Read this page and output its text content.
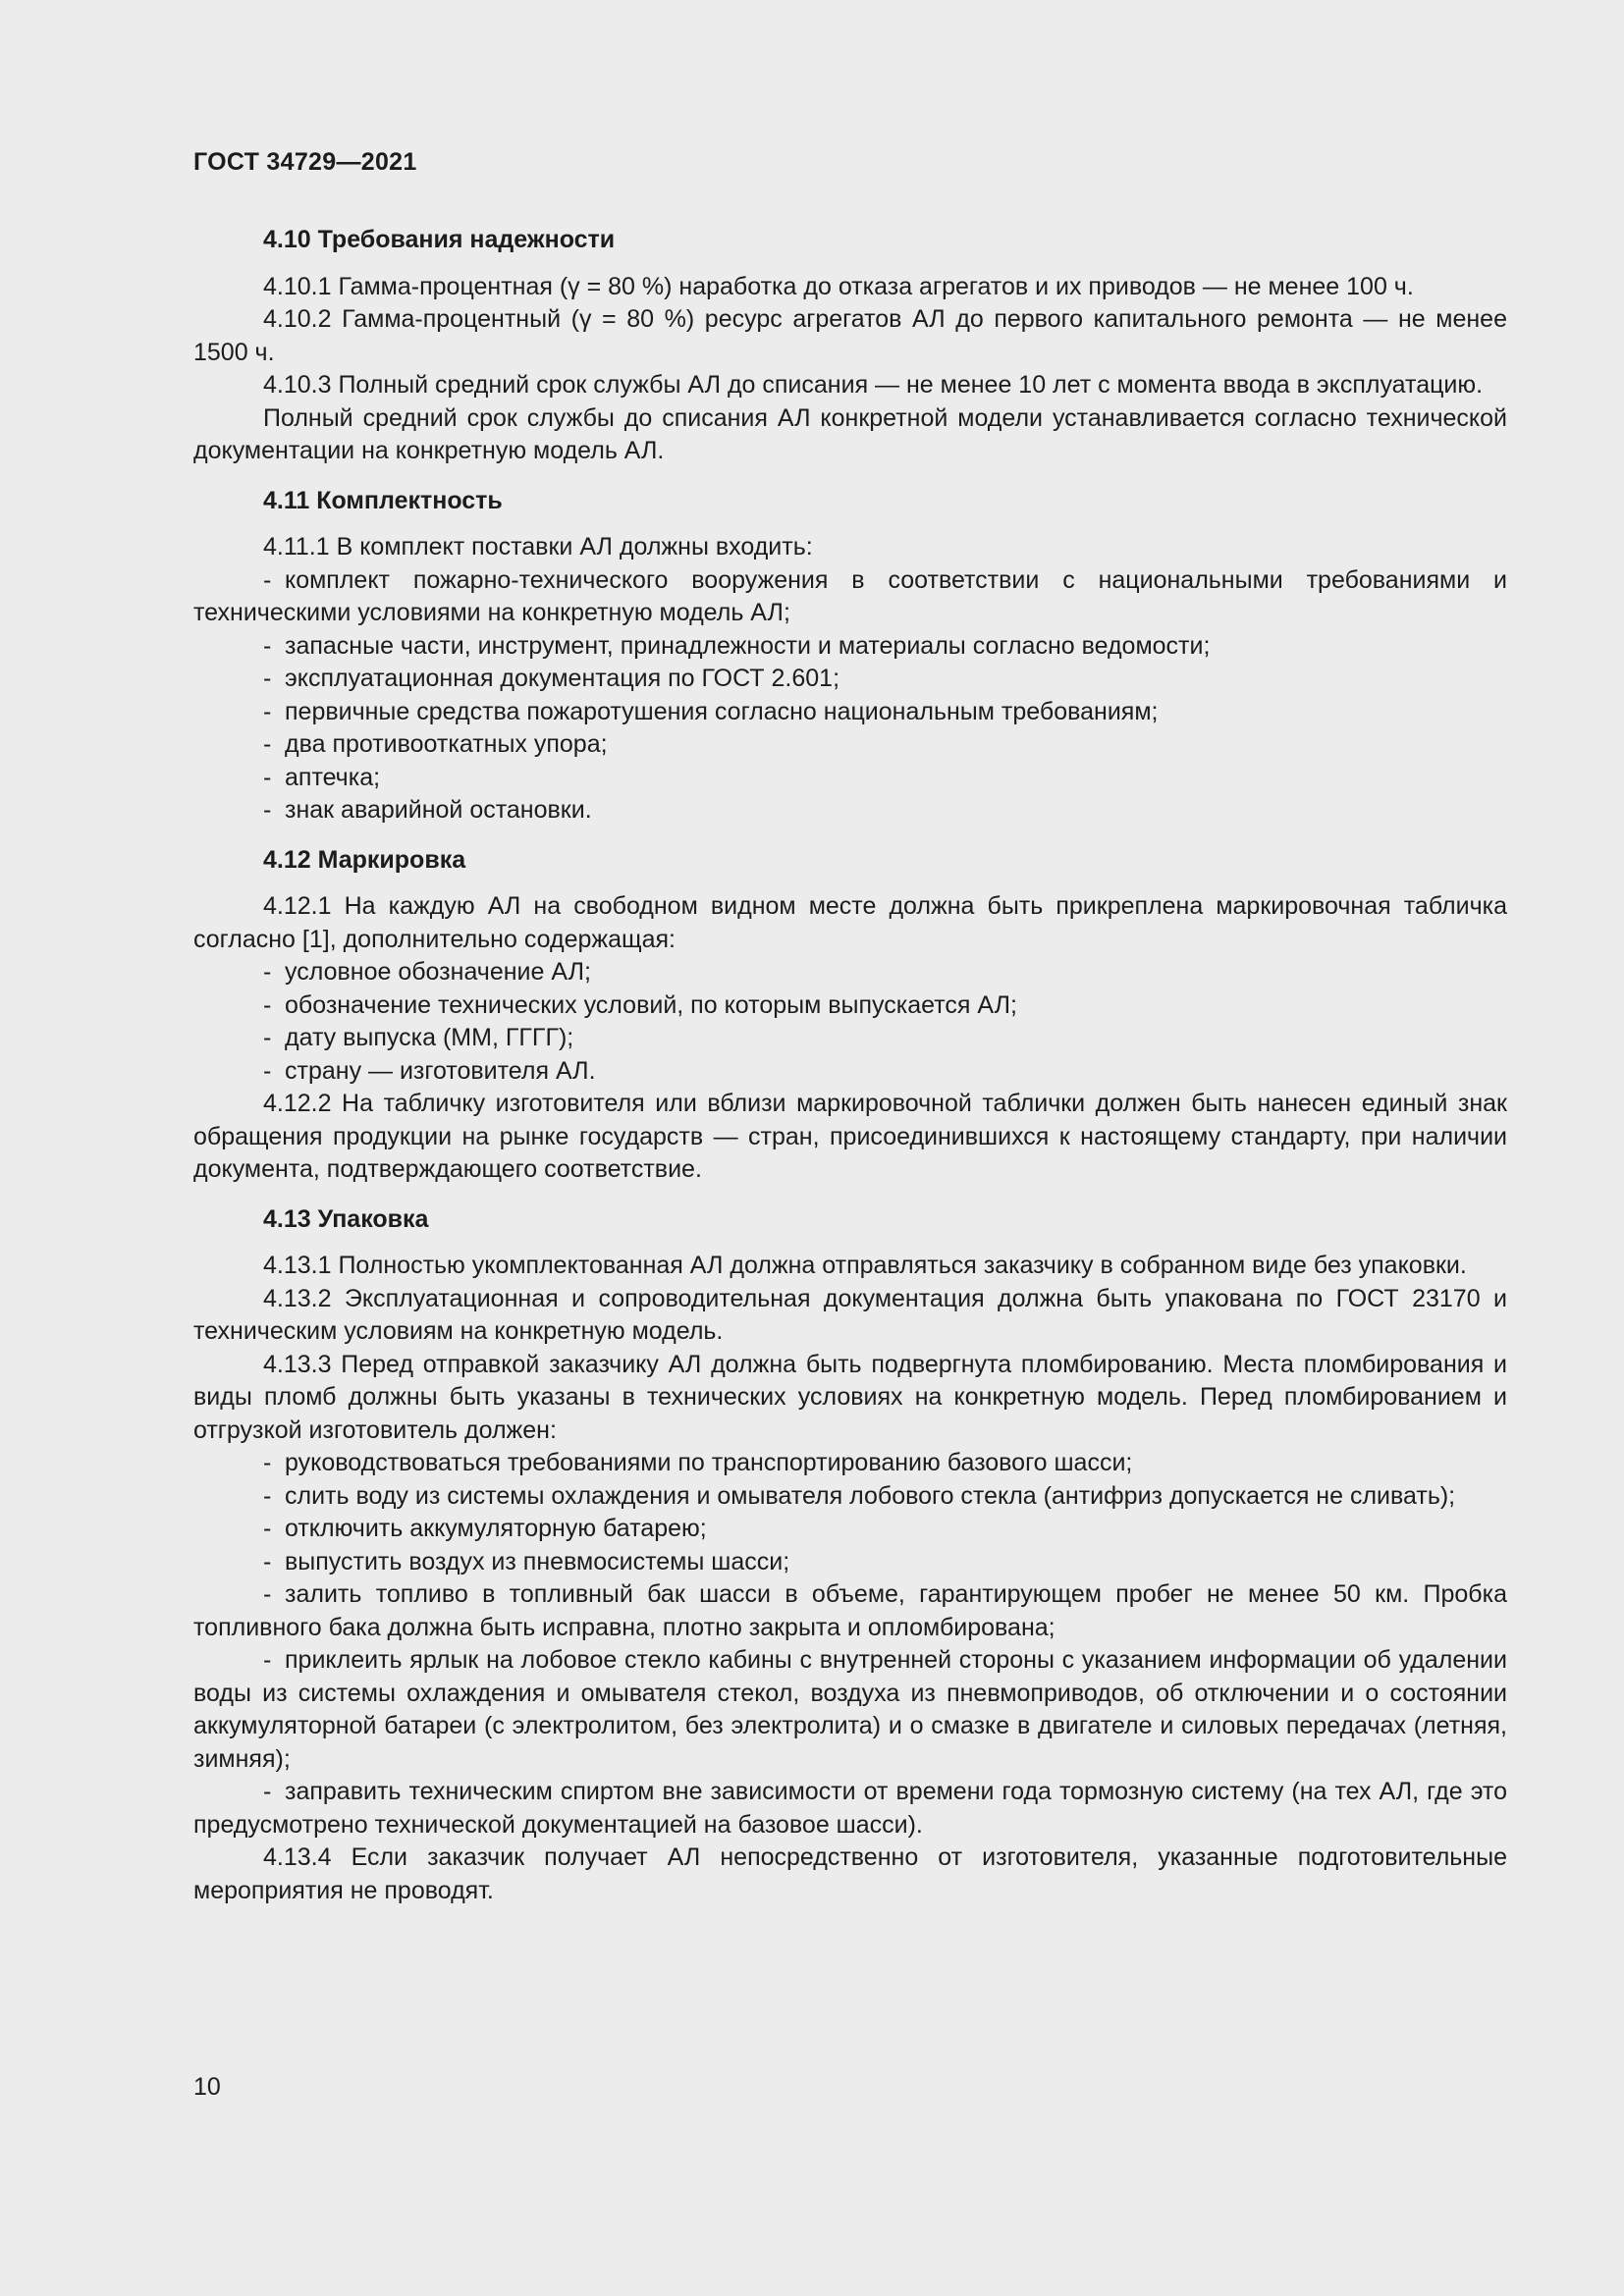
ГОСТ 34729—2021
4.10 Требования надежности

4.10.1 Гамма-процентная (γ = 80 %) наработка до отказа агрегатов и их приводов — не менее 100 ч.

4.10.2 Гамма-процентный (γ = 80 %) ресурс агрегатов АЛ до первого капитального ремонта — не менее 1500 ч.

4.10.3 Полный средний срок службы АЛ до списания — не менее 10 лет с момента ввода в эксплуатацию.

Полный средний срок службы до списания АЛ конкретной модели устанавливается согласно технической документации на конкретную модель АЛ.

4.11 Комплектность

4.11.1 В комплект поставки АЛ должны входить:

- комплект пожарно-технического вооружения в соответствии с национальными требованиями и техническими условиями на конкретную модель АЛ;

- запасные части, инструмент, принадлежности и материалы согласно ведомости;

- эксплуатационная документация по ГОСТ 2.601;

- первичные средства пожаротушения согласно национальным требованиям;

- два противооткатных упора;

- аптечка;

- знак аварийной остановки.

4.12 Маркировка

4.12.1 На каждую АЛ на свободном видном месте должна быть прикреплена маркировочная табличка согласно [1], дополнительно содержащая:

- условное обозначение АЛ;

- обозначение технических условий, по которым выпускается АЛ;

- дату выпуска (ММ, ГГГГ);

- страну — изготовителя АЛ.

4.12.2 На табличку изготовителя или вблизи маркировочной таблички должен быть нанесен единый знак обращения продукции на рынке государств — стран, присоединившихся к настоящему стандарту, при наличии документа, подтверждающего соответствие.

4.13 Упаковка

4.13.1 Полностью укомплектованная АЛ должна отправляться заказчику в собранном виде без упаковки.

4.13.2 Эксплуатационная и сопроводительная документация должна быть упакована по ГОСТ 23170 и техническим условиям на конкретную модель.

4.13.3 Перед отправкой заказчику АЛ должна быть подвергнута пломбированию. Места пломбирования и виды пломб должны быть указаны в технических условиях на конкретную модель. Перед пломбированием и отгрузкой изготовитель должен:

- руководствоваться требованиями по транспортированию базового шасси;

- слить воду из системы охлаждения и омывателя лобового стекла (антифриз допускается не сливать);

- отключить аккумуляторную батарею;

- выпустить воздух из пневмосистемы шасси;

- залить топливо в топливный бак шасси в объеме, гарантирующем пробег не менее 50 км. Пробка топливного бака должна быть исправна, плотно закрыта и опломбирована;

- приклеить ярлык на лобовое стекло кабины с внутренней стороны с указанием информации об удалении воды из системы охлаждения и омывателя стекол, воздуха из пневмоприводов, об отключении и о состоянии аккумуляторной батареи (с электролитом, без электролита) и о смазке в двигателе и силовых передачах (летняя, зимняя);

- заправить техническим спиртом вне зависимости от времени года тормозную систему (на тех АЛ, где это предусмотрено технической документацией на базовое шасси).

4.13.4 Если заказчик получает АЛ непосредственно от изготовителя, указанные подготовительные мероприятия не проводят.

10
